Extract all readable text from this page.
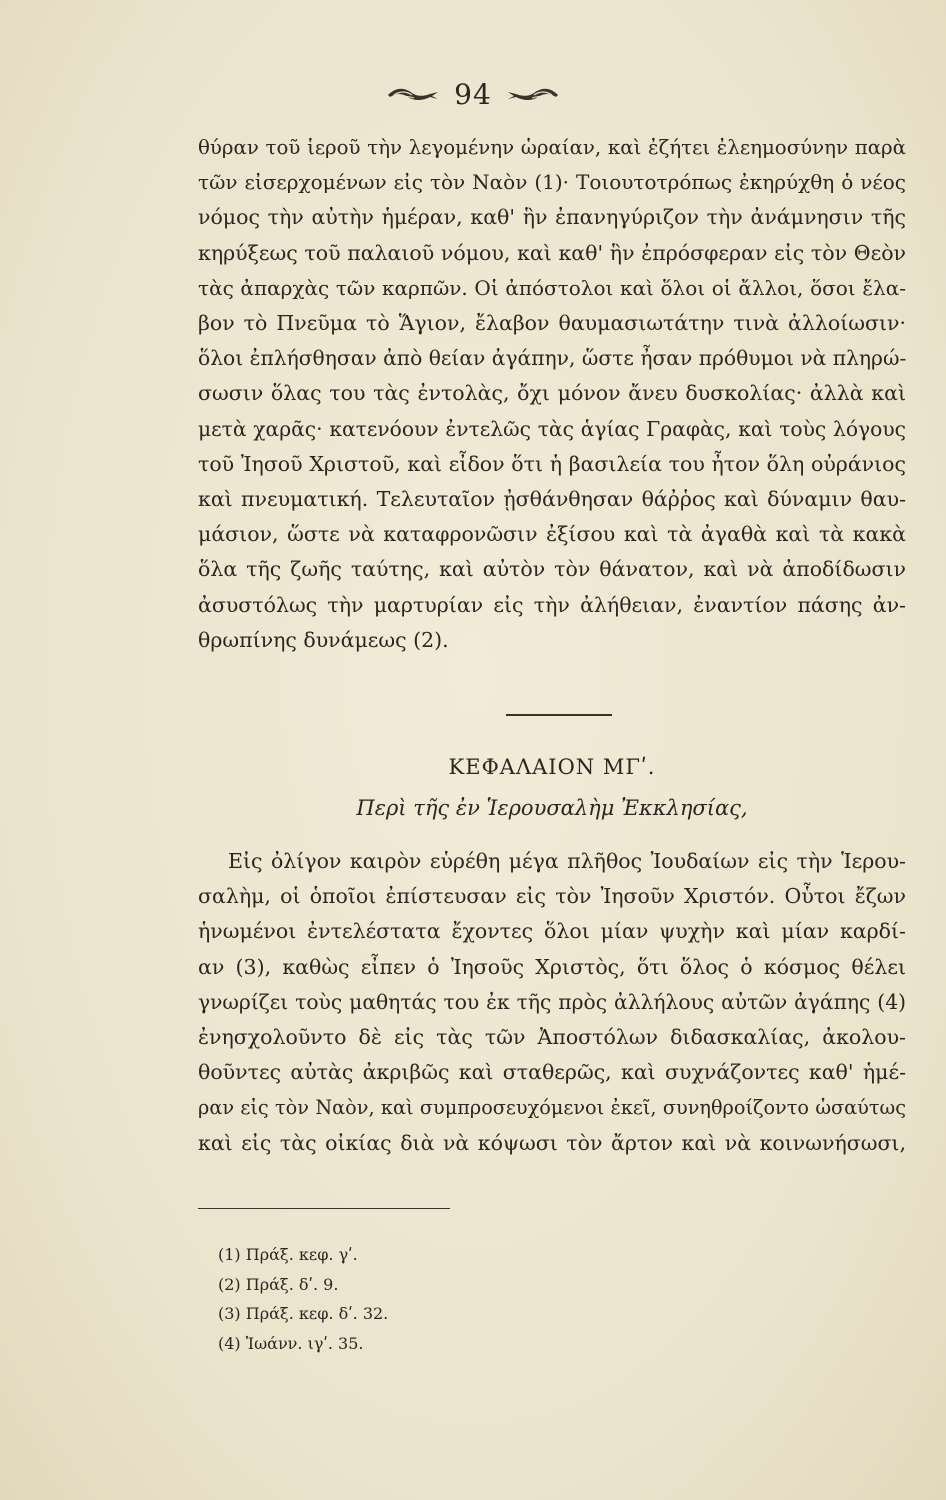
94
θύραν τοῦ ἱεροῦ τὴν λεγομένην ὡραίαν, καὶ ἐζήτει ἐλεημοσύνην παρὰ
τῶν εἰσερχομένων εἰς τὸν Ναὸν (1)· Τοιουτοτρόπως ἐκηρύχθη ὁ νέος
νόμος τὴν αὐτὴν ἡμέραν, καθ' ἣν ἐπανηγύριζον τὴν ἀνάμνησιν τῆς
κηρύξεως τοῦ παλαιοῦ νόμου, καὶ καθ' ἣν ἐπρόσφεραν εἰς τὸν Θεὸν
τὰς ἀπαρχὰς τῶν καρπῶν. Οἱ ἀπόστολοι καὶ ὅλοι οἱ ἄλλοι, ὅσοι ἔλα-
βον τὸ Πνεῦμα τὸ Ἅγιον, ἔλαβον θαυμασιωτάτην τινὰ ἀλλοίωσιν·
ὅλοι ἐπλήσθησαν ἀπὸ θείαν ἀγάπην, ὥστε ἦσαν πρόθυμοι νὰ πληρώ-
σωσιν ὅλας του τὰς ἐντολὰς, ὄχι μόνον ἄνευ δυσκολίας· ἀλλὰ καὶ
μετὰ χαρᾶς· κατενόουν ἐντελῶς τὰς ἁγίας Γραφὰς, καὶ τοὺς λόγους
τοῦ Ἰησοῦ Χριστοῦ, καὶ εἶδον ὅτι ἡ βασιλεία του ἦτον ὅλη οὐράνιος
καὶ πνευματική. Τελευταῖον ᾐσθάνθησαν θάῤῥος καὶ δύναμιν θαυ-
μάσιον, ὥστε νὰ καταφρονῶσιν ἐξίσου καὶ τὰ ἀγαθὰ καὶ τὰ κακὰ
ὅλα τῆς ζωῆς ταύτης, καὶ αὐτὸν τὸν θάνατον, καὶ νὰ ἀποδίδωσιν
ἀσυστόλως τὴν μαρτυρίαν εἰς τὴν ἀλήθειαν, ἐναντίον πάσης ἀν-
θρωπίνης δυνάμεως (2).
ΚΕΦΑΛΑΙΟΝ ΜΓʹ.
Περὶ τῆς ἐν Ἱερουσαλὴμ Ἐκκλησίας,
Εἰς ὀλίγον καιρὸν εὑρέθη μέγα πλῆθος Ἰουδαίων εἰς τὴν Ἱερου-
σαλὴμ, οἱ ὁποῖοι ἐπίστευσαν εἰς τὸν Ἰησοῦν Χριστόν. Οὗτοι ἔζων
ἡνωμένοι ἐντελέστατα ἔχοντες ὅλοι μίαν ψυχὴν καὶ μίαν καρδί-
αν (3), καθὼς εἶπεν ὁ Ἰησοῦς Χριστὸς, ὅτι ὅλος ὁ κόσμος θέλει
γνωρίζει τοὺς μαθητάς του ἐκ τῆς πρὸς ἀλλήλους αὐτῶν ἀγάπης (4)
ἐνησχολοῦντο δὲ εἰς τὰς τῶν Ἀποστόλων διδασκαλίας, ἀκολου-
θοῦντες αὐτὰς ἀκριβῶς καὶ σταθερῶς, καὶ συχνάζοντες καθ' ἡμέ-
ραν εἰς τὸν Ναὸν, καὶ συμπροσευχόμενοι ἐκεῖ, συνηθροίζοντο ὡσαύτως
καὶ εἰς τὰς οἰκίας διὰ νὰ κόψωσι τὸν ἄρτον καὶ νὰ κοινωνήσωσι,
(1) Πράξ. κεφ. γʹ.
(2) Πράξ. δʹ. 9.
(3) Πράξ. κεφ. δʹ. 32.
(4) Ἰωάνν. ιγʹ. 35.
